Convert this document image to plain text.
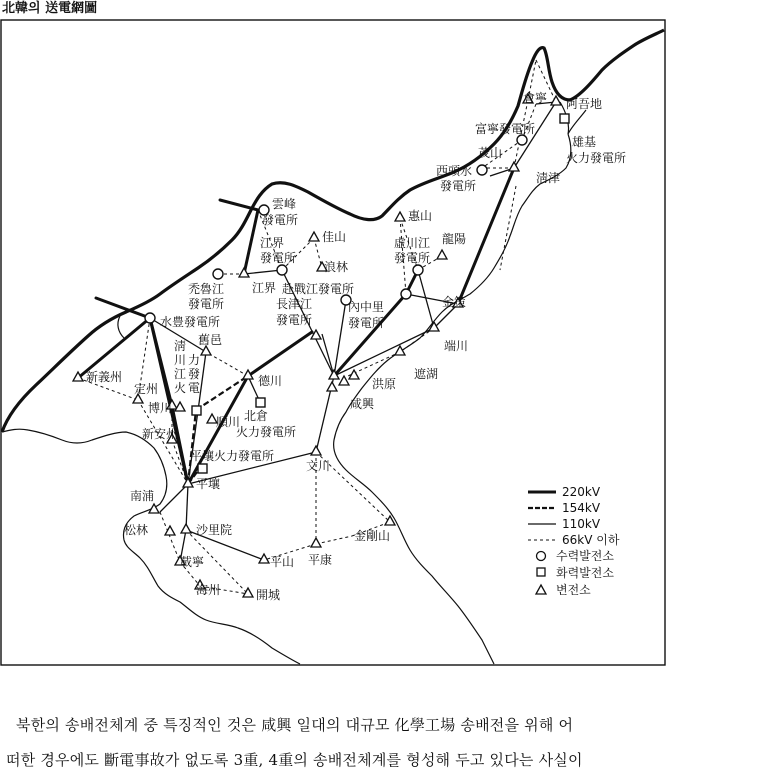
北韓의 送電網圖
會寧 阿吾地
富寧發電所
雄基
火力發電所
茂山
西頭水
發電所
淸津
雲峰
發電所	惠山
江界
發電所
佳山	虛川江
發電所
龍陽
禿魯江
發電所
江界
浪林
赴戰江發電所
長津江
發電所
內中里
發電所
金策
水豊發電所
淸
川
江
火
力
發
電
舊邑	端川
新義州
定州
德川	洪原
遮湖
博川
順川
咸興
新安州
北倉
火力發電所
平壤火力發電所
文川
平壤
南浦
松林	沙里院	金剛山
載寧	平山 平康
海州	開城
220kV
154kV
110kV
66kV 이하
수력발전소
화력발전소
변전소
북한의 송배전체계 중 특징적인 것은 咸興 일대의 대규모 化學工場 송배전을 위해 어
떠한 경우에도 斷電事故가 없도록 3重, 4重의 송배전체계를 형성해 두고 있다는 사실이
